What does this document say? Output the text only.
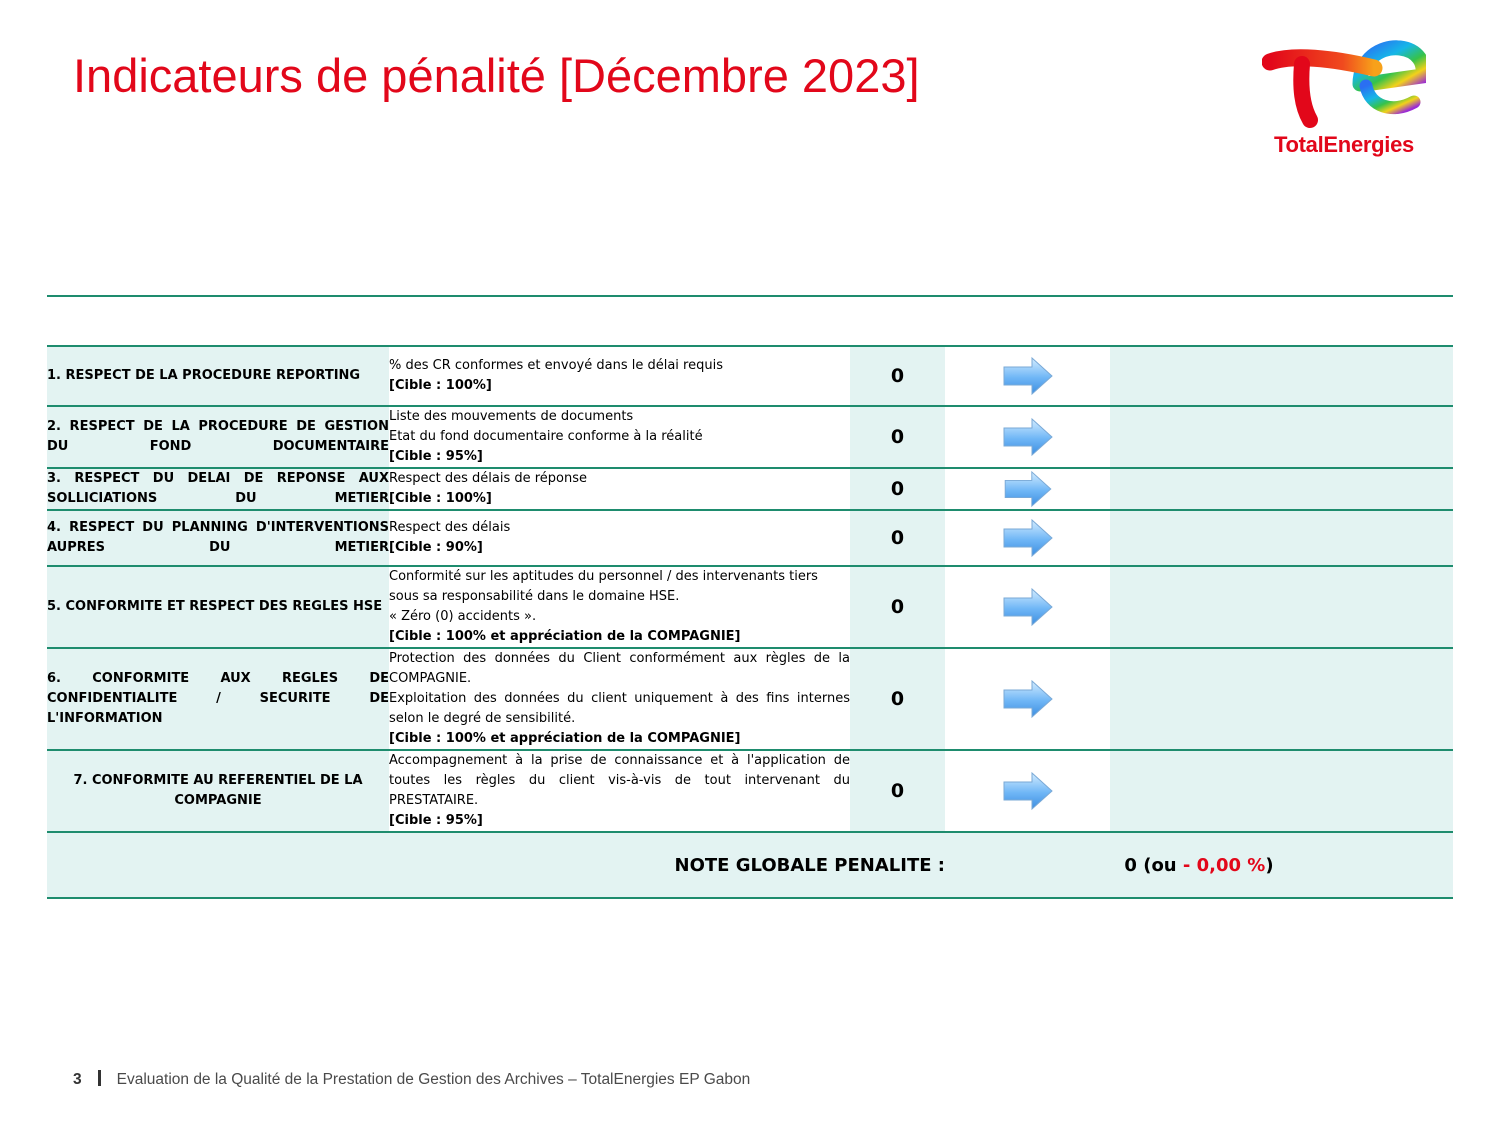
Indicateurs de pénalité [Décembre 2023]
TotalEnergies
1. RESPECT DE LA PROCEDURE REPORTING	% des CR conformes et envoyé dans le délai requis
[Cible : 100%]	0	

2. RESPECT DE LA PROCEDURE DE GESTION DU FOND DOCUMENTAIRE	Liste des mouvements de documents
Etat du fond documentaire conforme à la réalité
[Cible : 95%]	0	

3. RESPECT DU DELAI DE REPONSE AUX SOLLICIATIONS DU METIER	Respect des délais de réponse
[Cible : 100%]	0	

4. RESPECT DU PLANNING D'INTERVENTIONS AUPRES DU METIER	Respect des délais
[Cible : 90%]	0	

5. CONFORMITE ET RESPECT DES REGLES HSE	Conformité sur les aptitudes du personnel / des intervenants tiers sous sa responsabilité dans le domaine HSE.
« Zéro (0) accidents ».
[Cible : 100% et appréciation de la COMPAGNIE]	0	

6. CONFORMITE AUX REGLES DE CONFIDENTIALITE / SECURITE DE L'INFORMATION	Protection des données du Client conformément aux règles de la COMPAGNIE.
Exploitation des données du client uniquement à des fins internes selon le degré de sensibilité.
[Cible : 100% et appréciation de la COMPAGNIE]	0	

7. CONFORMITE AU REFERENTIEL DE LA COMPAGNIE	Accompagnement à la prise de connaissance et à l'application de toutes les règles du client vis-à-vis de tout intervenant du PRESTATAIRE.
[Cible : 95%]	0	

NOTE GLOBALE PENALITE :			0 (ou - 0,00 %)	
3 Evaluation de la Qualité de la Prestation de Gestion des Archives – TotalEnergies EP Gabon
